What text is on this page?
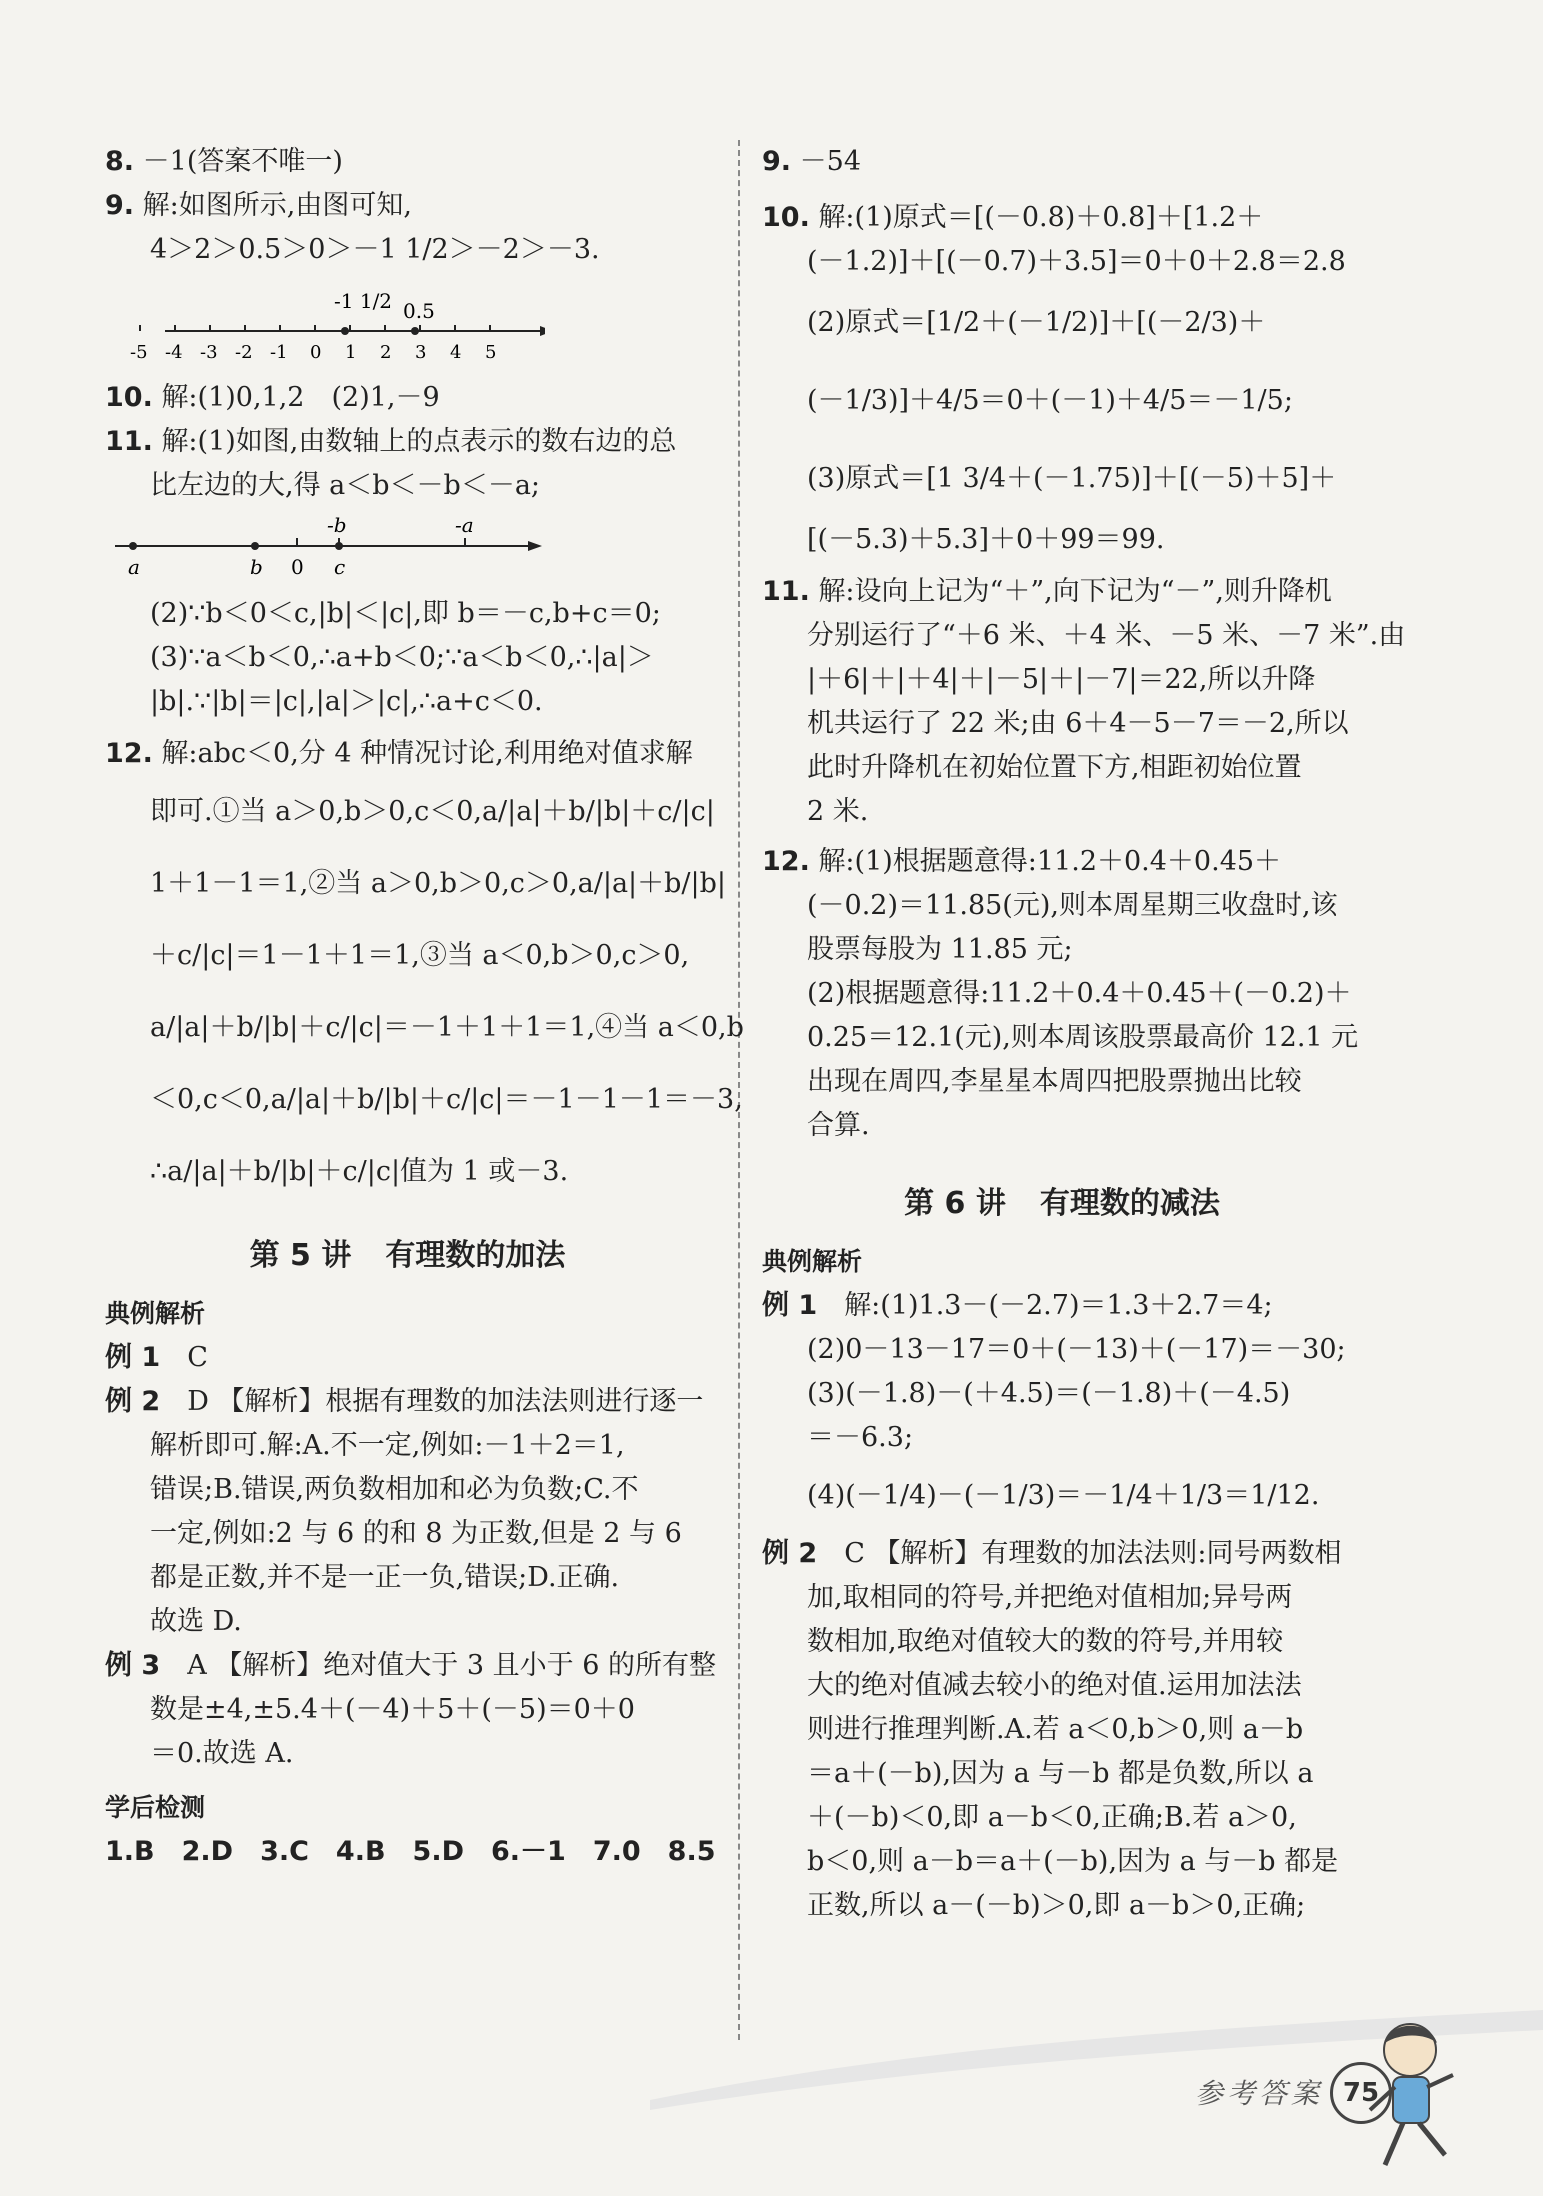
8. －1(答案不唯一)
9. 解:如图所示,由图可知,
4＞2＞0.5＞0＞－1 1/2＞－2＞－3.
-5 -4 -3 -2 -1 0 1 2 3 4 5
-1 1/2 0.5
10. 解:(1)0,1,2　(2)1,－9
11. 解:(1)如图,由数轴上的点表示的数右边的总
比左边的大,得 a＜b＜－b＜－a;
a	b 0 c
-b	-a
(2)∵b＜0＜c,|b|＜|c|,即 b＝－c,b+c＝0;
(3)∵a＜b＜0,∴a+b＜0;∵a＜b＜0,∴|a|＞
|b|.∵|b|＝|c|,|a|＞|c|,∴a+c＜0.
12. 解:abc＜0,分 4 种情况讨论,利用绝对值求解
即可.①当 a＞0,b＞0,c＜0,a/|a|＋b/|b|＋c/|c|
1＋1－1＝1,②当 a＞0,b＞0,c＞0,a/|a|＋b/|b|
＋c/|c|＝1－1＋1＝1,③当 a＜0,b＞0,c＞0,
a/|a|＋b/|b|＋c/|c|＝－1＋1＋1＝1,④当 a＜0,b
＜0,c＜0,a/|a|＋b/|b|＋c/|c|＝－1－1－1＝－3,
∴a/|a|＋b/|b|＋c/|c|值为 1 或－3.
第 5 讲 有理数的加法
典例解析
例 1　 C
例 2　 D 【解析】根据有理数的加法法则进行逐一
解析即可.解:A.不一定,例如:－1＋2＝1,
错误;B.错误,两负数相加和必为负数;C.不
一定,例如:2 与 6 的和 8 为正数,但是 2 与 6
都是正数,并不是一正一负,错误;D.正确.
故选 D.
例 3　 A 【解析】绝对值大于 3 且小于 6 的所有整
数是±4,±5.4＋(－4)＋5＋(－5)＝0＋0
＝0.故选 A.
学后检测
1.B　2.D　3.C　4.B　5.D　6.－1　7.0　8.5
9. －54
10. 解:(1)原式＝[(－0.8)＋0.8]＋[1.2＋
(－1.2)]＋[(－0.7)＋3.5]＝0＋0＋2.8＝2.8
(2)原式＝[1/2＋(－1/2)]＋[(－2/3)＋
(－1/3)]＋4/5＝0＋(－1)＋4/5＝－1/5;
(3)原式＝[1 3/4＋(－1.75)]＋[(－5)＋5]＋
[(－5.3)＋5.3]＋0＋99＝99.
11. 解:设向上记为“＋”,向下记为“－”,则升降机
分别运行了“＋6 米、＋4 米、－5 米、－7 米”.由
|＋6|＋|＋4|＋|－5|＋|－7|＝22,所以升降
机共运行了 22 米;由 6＋4－5－7＝－2,所以
此时升降机在初始位置下方,相距初始位置
2 米.
12. 解:(1)根据题意得:11.2＋0.4＋0.45＋
(－0.2)＝11.85(元),则本周星期三收盘时,该
股票每股为 11.85 元;
(2)根据题意得:11.2＋0.4＋0.45＋(－0.2)＋
0.25＝12.1(元),则本周该股票最高价 12.1 元
出现在周四,李星星本周四把股票抛出比较
合算.
第 6 讲 有理数的减法
典例解析
例 1　 解:(1)1.3－(－2.7)＝1.3＋2.7＝4;
(2)0－13－17＝0＋(－13)＋(－17)＝－30;
(3)(－1.8)－(＋4.5)＝(－1.8)＋(－4.5)
＝－6.3;
(4)(－1/4)－(－1/3)＝－1/4＋1/3＝1/12.
例 2　 C 【解析】有理数的加法法则:同号两数相
加,取相同的符号,并把绝对值相加;异号两
数相加,取绝对值较大的数的符号,并用较
大的绝对值减去较小的绝对值.运用加法法
则进行推理判断.A.若 a＜0,b＞0,则 a－b
＝a＋(－b),因为 a 与－b 都是负数,所以 a
＋(－b)＜0,即 a－b＜0,正确;B.若 a＞0,
b＜0,则 a－b＝a＋(－b),因为 a 与－b 都是
正数,所以 a－(－b)＞0,即 a－b＞0,正确;
参考答案 75
